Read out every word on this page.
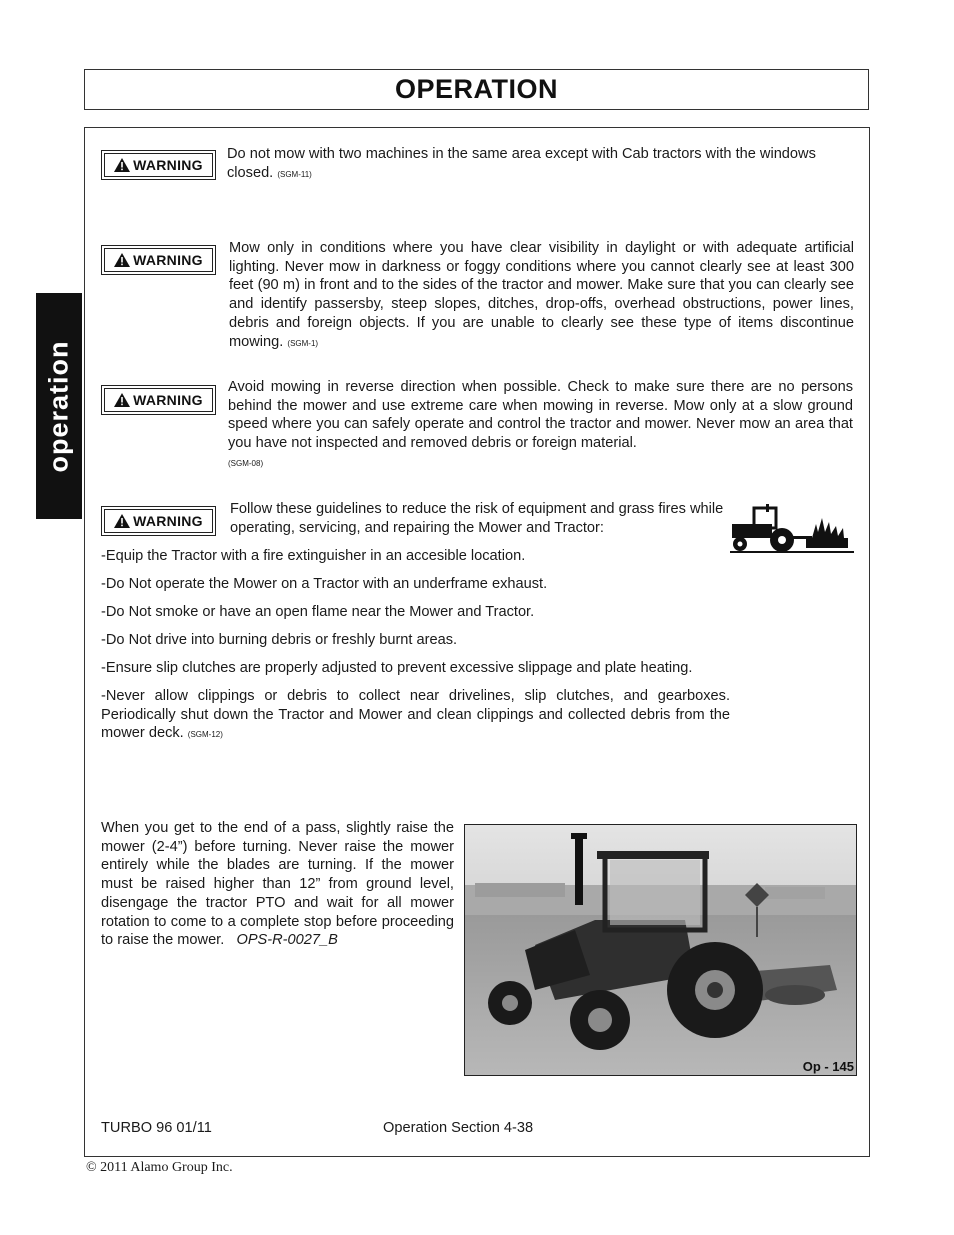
OPERATION
operation
WARNING
Do not mow with two machines in the same area except with Cab tractors with the windows closed. (SGM-11)
WARNING
Mow only in conditions where you have clear visibility in daylight or with adequate artificial lighting. Never mow in darkness or foggy conditions where you cannot clearly see at least 300 feet (90 m) in front and to the sides of the tractor and mower. Make sure that you can clearly see and identify passersby, steep slopes, ditches, drop-offs, overhead obstructions, power lines, debris and foreign objects. If you are unable to clearly see these type of items discontinue mowing. (SGM-1)
WARNING
Avoid mowing in reverse direction when possible. Check to make sure there are no persons behind the mower and use extreme care when mowing in reverse. Mow only at a slow ground speed where you can safely operate and control the tractor and mower. Never mow an area that you have not inspected and removed debris or foreign material.
(SGM-08)
WARNING
Follow these guidelines to reduce the risk of equipment and grass fires while operating, servicing, and repairing the Mower and Tractor:
-Equip the Tractor with a fire extinguisher in an accesible location.
-Do Not operate the Mower on a Tractor with an underframe exhaust.
-Do Not smoke or have an open flame near the Mower and Tractor.
-Do Not drive into burning debris or freshly burnt areas.
-Ensure slip clutches are properly adjusted to prevent excessive slippage and plate heating.
-Never allow clippings or debris to collect near drivelines, slip clutches, and gearboxes. Periodically shut down the Tractor and Mower and clean clippings and collected debris from the mower deck. (SGM-12)
When you get to the end of a pass, slightly raise the mower (2-4”) before turning. Never raise the mower entirely while the blades are turning. If the mower must be raised higher than 12” from ground level, disengage the tractor PTO and wait for all mower rotation to come to a complete stop before proceeding to raise the mower. OPS-R-0027_B
Op - 145
TURBO 96 01/11	Operation Section 4-38
© 2011 Alamo Group Inc.
